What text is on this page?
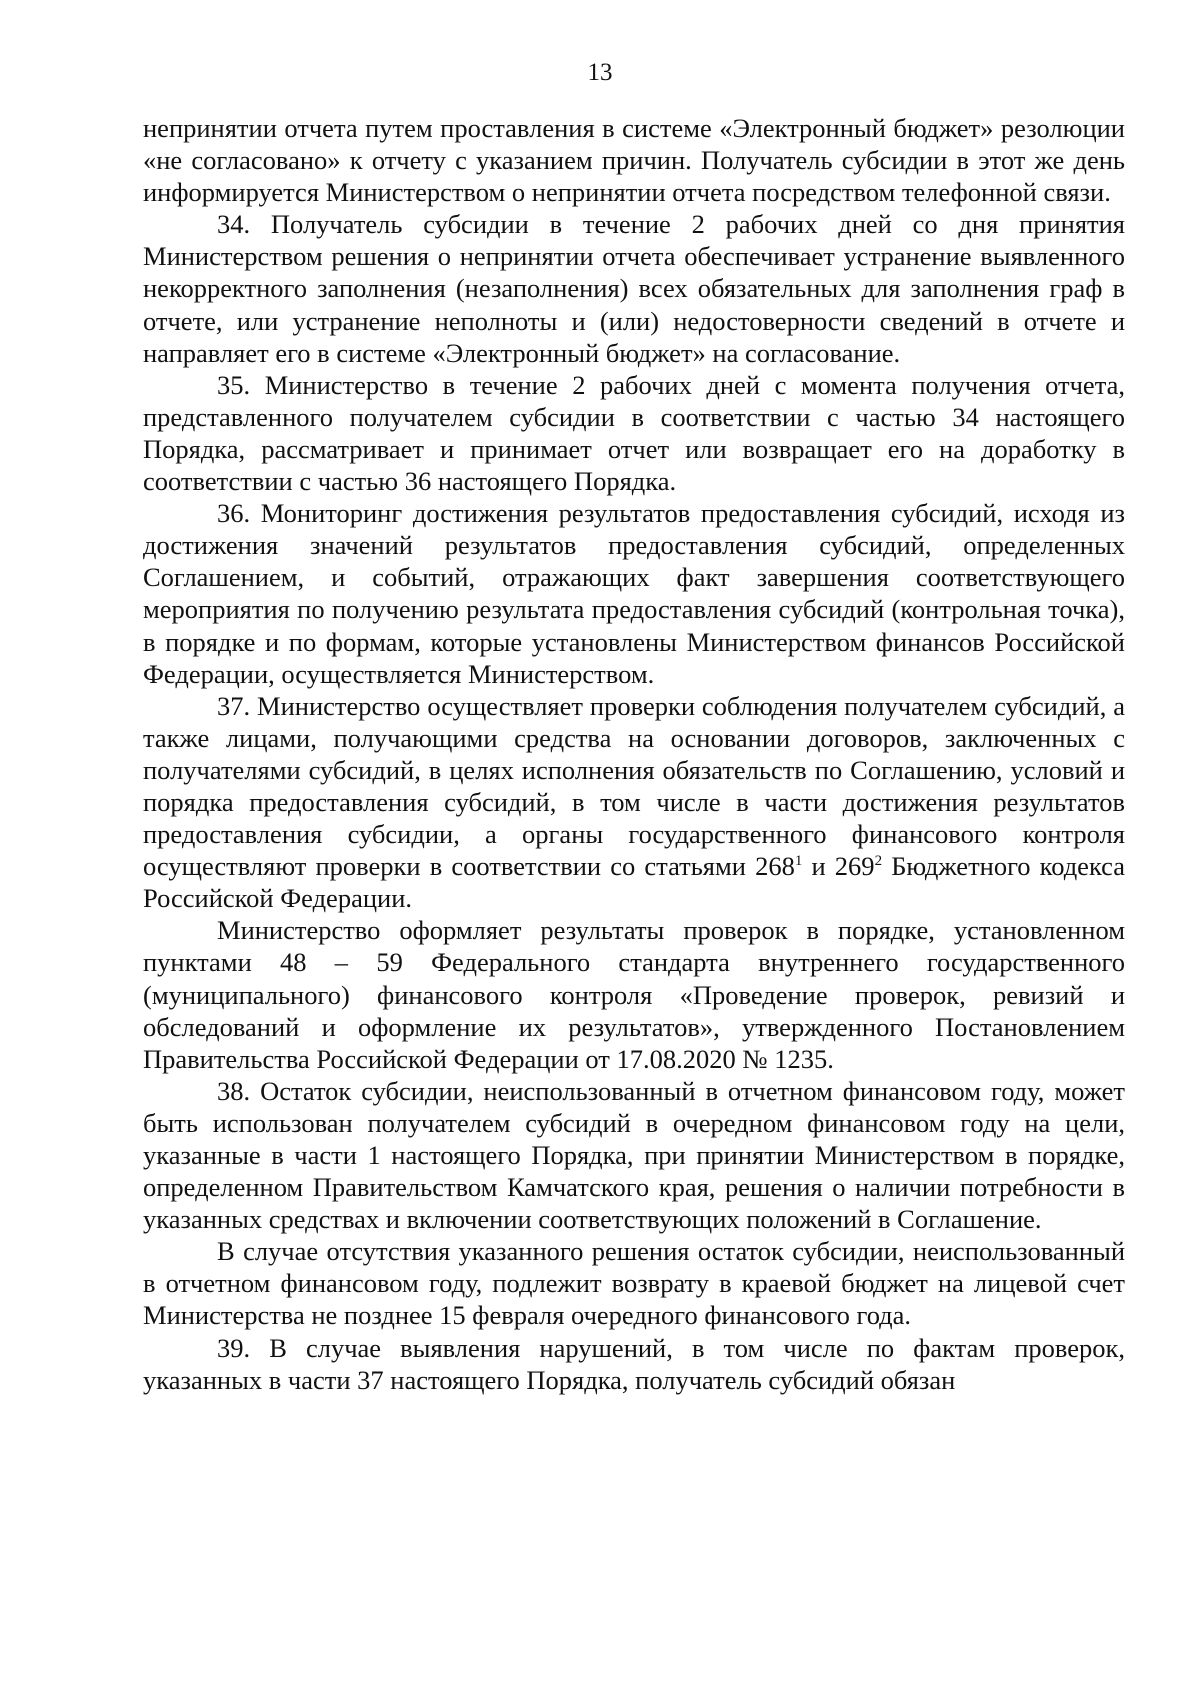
13

непринятии отчета путем проставления в системе «Электронный бюджет» резолюции «не согласовано» к отчету с указанием причин. Получатель субсидии в этот же день информируется Министерством о непринятии отчета посредством телефонной связи.

34. Получатель субсидии в течение 2 рабочих дней со дня принятия Министерством решения о непринятии отчета обеспечивает устранение выявленного некорректного заполнения (незаполнения) всех обязательных для заполнения граф в отчете, или устранение неполноты и (или) недостоверности сведений в отчете и направляет его в системе «Электронный бюджет» на согласование.

35. Министерство в течение 2 рабочих дней с момента получения отчета, представленного получателем субсидии в соответствии с частью 34 настоящего Порядка, рассматривает и принимает отчет или возвращает его на доработку в соответствии с частью 36 настоящего Порядка.

36. Мониторинг достижения результатов предоставления субсидий, исходя из достижения значений результатов предоставления субсидий, определенных Соглашением, и событий, отражающих факт завершения соответствующего мероприятия по получению результата предоставления субсидий (контрольная точка), в порядке и по формам, которые установлены Министерством финансов Российской Федерации, осуществляется Министерством.

37. Министерство осуществляет проверки соблюдения получателем субсидий, а также лицами, получающими средства на основании договоров, заключенных с получателями субсидий, в целях исполнения обязательств по Соглашению, условий и порядка предоставления субсидий, в том числе в части достижения результатов предоставления субсидии, а органы государственного финансового контроля осуществляют проверки в соответствии со статьями $268^1$ и $269^2$ Бюджетного кодекса Российской Федерации.

Министерство оформляет результаты проверок в порядке, установленном пунктами 48 – 59 Федерального стандарта внутреннего государственного (муниципального) финансового контроля «Проведение проверок, ревизий и обследований и оформление их результатов», утвержденного Постановлением Правительства Российской Федерации от 17.08.2020 № 1235.

38. Остаток субсидии, неиспользованный в отчетном финансовом году, может быть использован получателем субсидий в очередном финансовом году на цели, указанные в части 1 настоящего Порядка, при принятии Министерством в порядке, определенном Правительством Камчатского края, решения о наличии потребности в указанных средствах и включении соответствующих положений в Соглашение.

В случае отсутствия указанного решения остаток субсидии, неиспользованный в отчетном финансовом году, подлежит возврату в краевой бюджет на лицевой счет Министерства не позднее 15 февраля очередного финансового года.

39. В случае выявления нарушений, в том числе по фактам проверок, указанных в части 37 настоящего Порядка, получатель субсидий обязан
